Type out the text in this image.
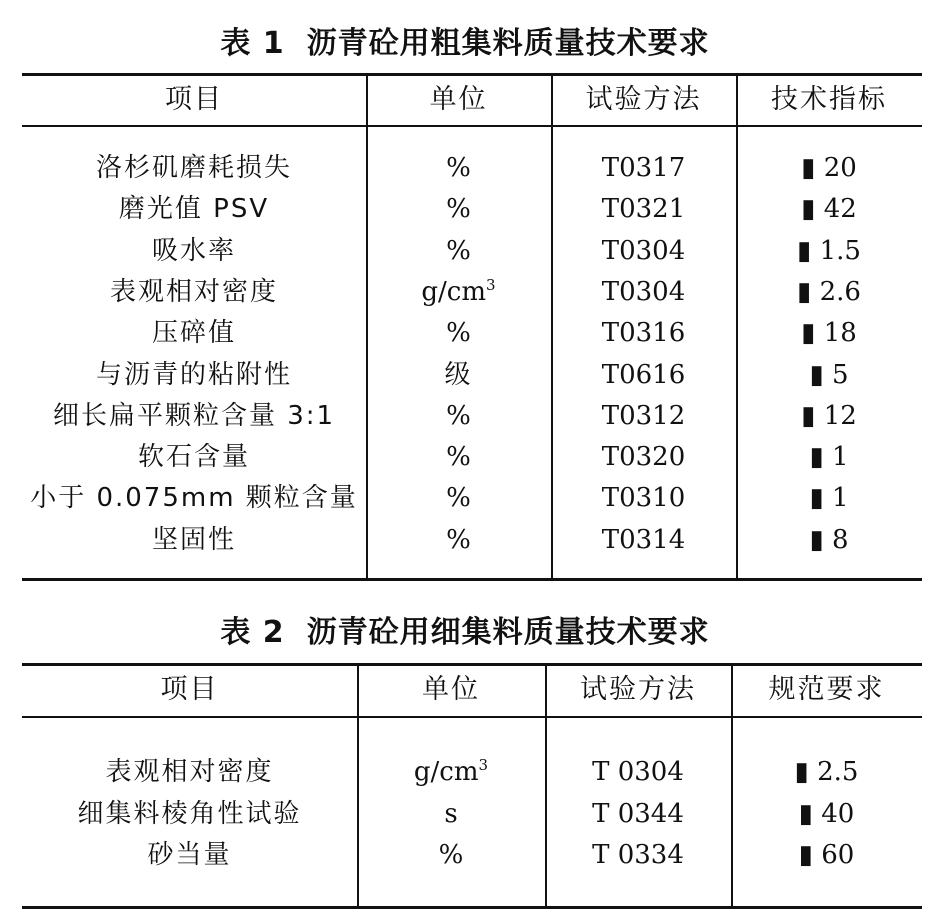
表 1 沥青砼用粗集料质量技术要求
项目	单位	试验方法	技术指标
洛杉矶磨耗损失	%	T0317	▮ 20
磨光值 PSV	%	T0321	▮ 42
吸水率	%	T0304	▮ 1.5
表观相对密度	$g/cm^3$	T0304	▮ 2.6
压碎值	%	T0316	▮ 18
与沥青的粘附性	级	T0616	▮ 5
细长扁平颗粒含量 3:1	%	T0312	▮ 12
软石含量	%	T0320	▮ 1
小于 0.075mm 颗粒含量	%	T0310	▮ 1
坚固性	%	T0314	▮ 8
表 2 沥青砼用细集料质量技术要求
项目	单位	试验方法	规范要求
表观相对密度	$g/cm^3$	T 0304	▮ 2.5
细集料棱角性试验	s	T 0344	▮ 40
砂当量	%	T 0334	▮ 60
